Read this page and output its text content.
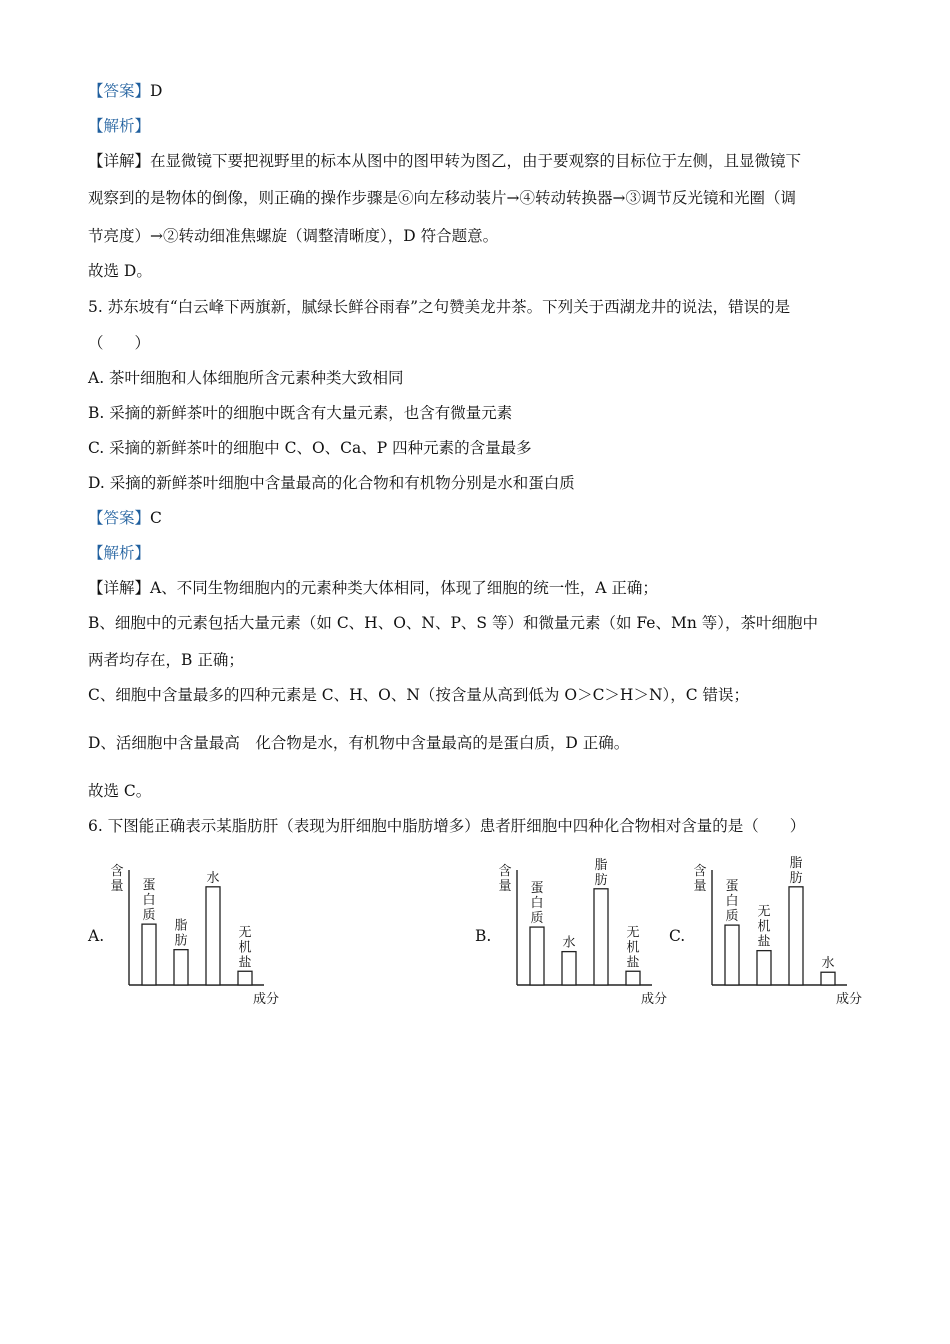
【答案】D
【解析】
【详解】在显微镜下要把视野里的标本从图中的图甲转为图乙，由于要观察的目标位于左侧，且显微镜下
观察到的是物体的倒像，则正确的操作步骤是⑥向左移动装片→④转动转换器→③调节反光镜和光圈（调
节亮度）→②转动细准焦螺旋（调整清晰度），D 符合题意。
故选 D。
5. 苏东坡有“白云峰下两旗新，腻绿长鲜谷雨春”之句赞美龙井茶。下列关于西湖龙井的说法，错误的是
（　　）
A. 茶叶细胞和人体细胞所含元素种类大致相同
B. 采摘的新鲜茶叶的细胞中既含有大量元素，也含有微量元素
C. 采摘的新鲜茶叶的细胞中 C、O、Ca、P 四种元素的含量最多
D. 采摘的新鲜茶叶细胞中含量最高的化合物和有机物分别是水和蛋白质
【答案】C
【解析】
【详解】A、不同生物细胞内的元素种类大体相同，体现了细胞的统一性，A 正确；
B、细胞中的元素包括大量元素（如 C、H、O、N、P、S 等）和微量元素（如 Fe、Mn 等），茶叶细胞中
两者均存在，B 正确；
C、细胞中含量最多的四种元素是 C、H、O、N（按含量从高到低为 O＞C＞H＞N），C 错误；
D、活细胞中含量最高　化合物是水，有机物中含量最高的是蛋白质，D 正确。
故选 C。
6. 下图能正确表示某脂肪肝（表现为肝细胞中脂肪增多）患者肝细胞中四种化合物相对含量的是（　　）
A.	B.	C.
含
量
成分
蛋
白
质
脂
肪
水
无
机
盐
含
量
成分
蛋
白
质
水
脂
肪
无
机
盐
含
量
成分
蛋
白
质 无
机
盐
脂
肪
水
